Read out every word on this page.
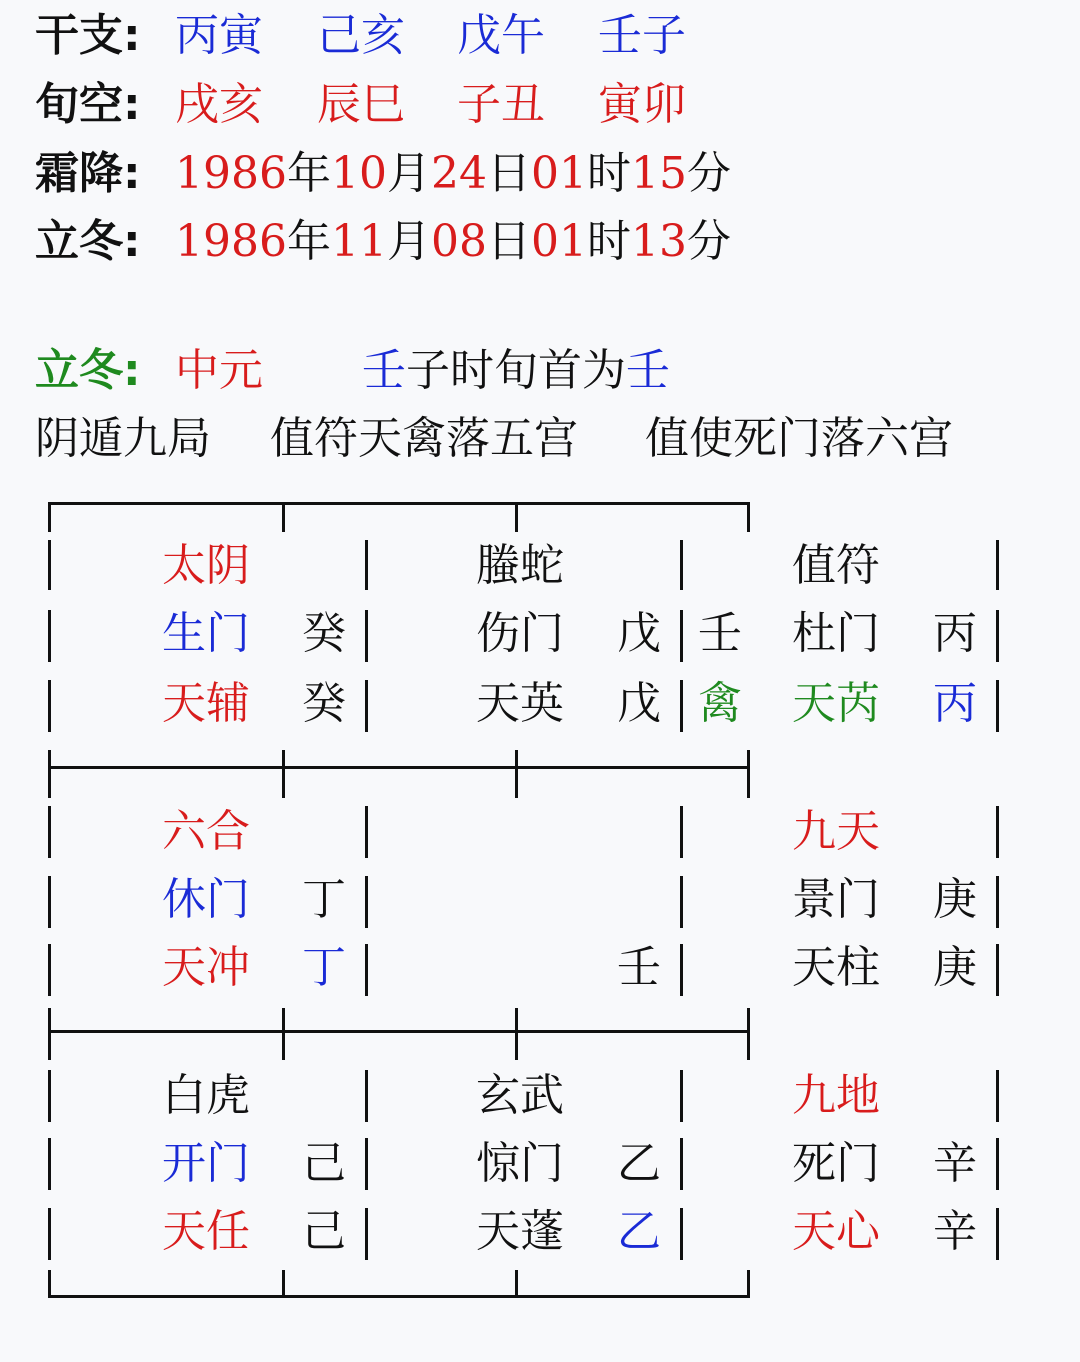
干支: 丙寅 己亥 戊午 壬子
旬空: 戌亥 辰巳 子丑 寅卯
霜降: 1986年10月24日01时15分
立冬: 1986年11月08日01时13分
立冬: 中元 壬子时旬首为壬
阴遁九局 值符天禽落五宫 值使死门落六宫
太阴
生门 癸
天辅 癸
螣蛇
伤门 戊
天英 戊
壬
禽
值符
杜门 丙
天芮 丙
六合
休门 丁
天冲 丁	壬
九天
景门 庚
天柱 庚
白虎
开门 己
天任 己
玄武
惊门 乙
天蓬 乙
九地
死门 辛
天心 辛
